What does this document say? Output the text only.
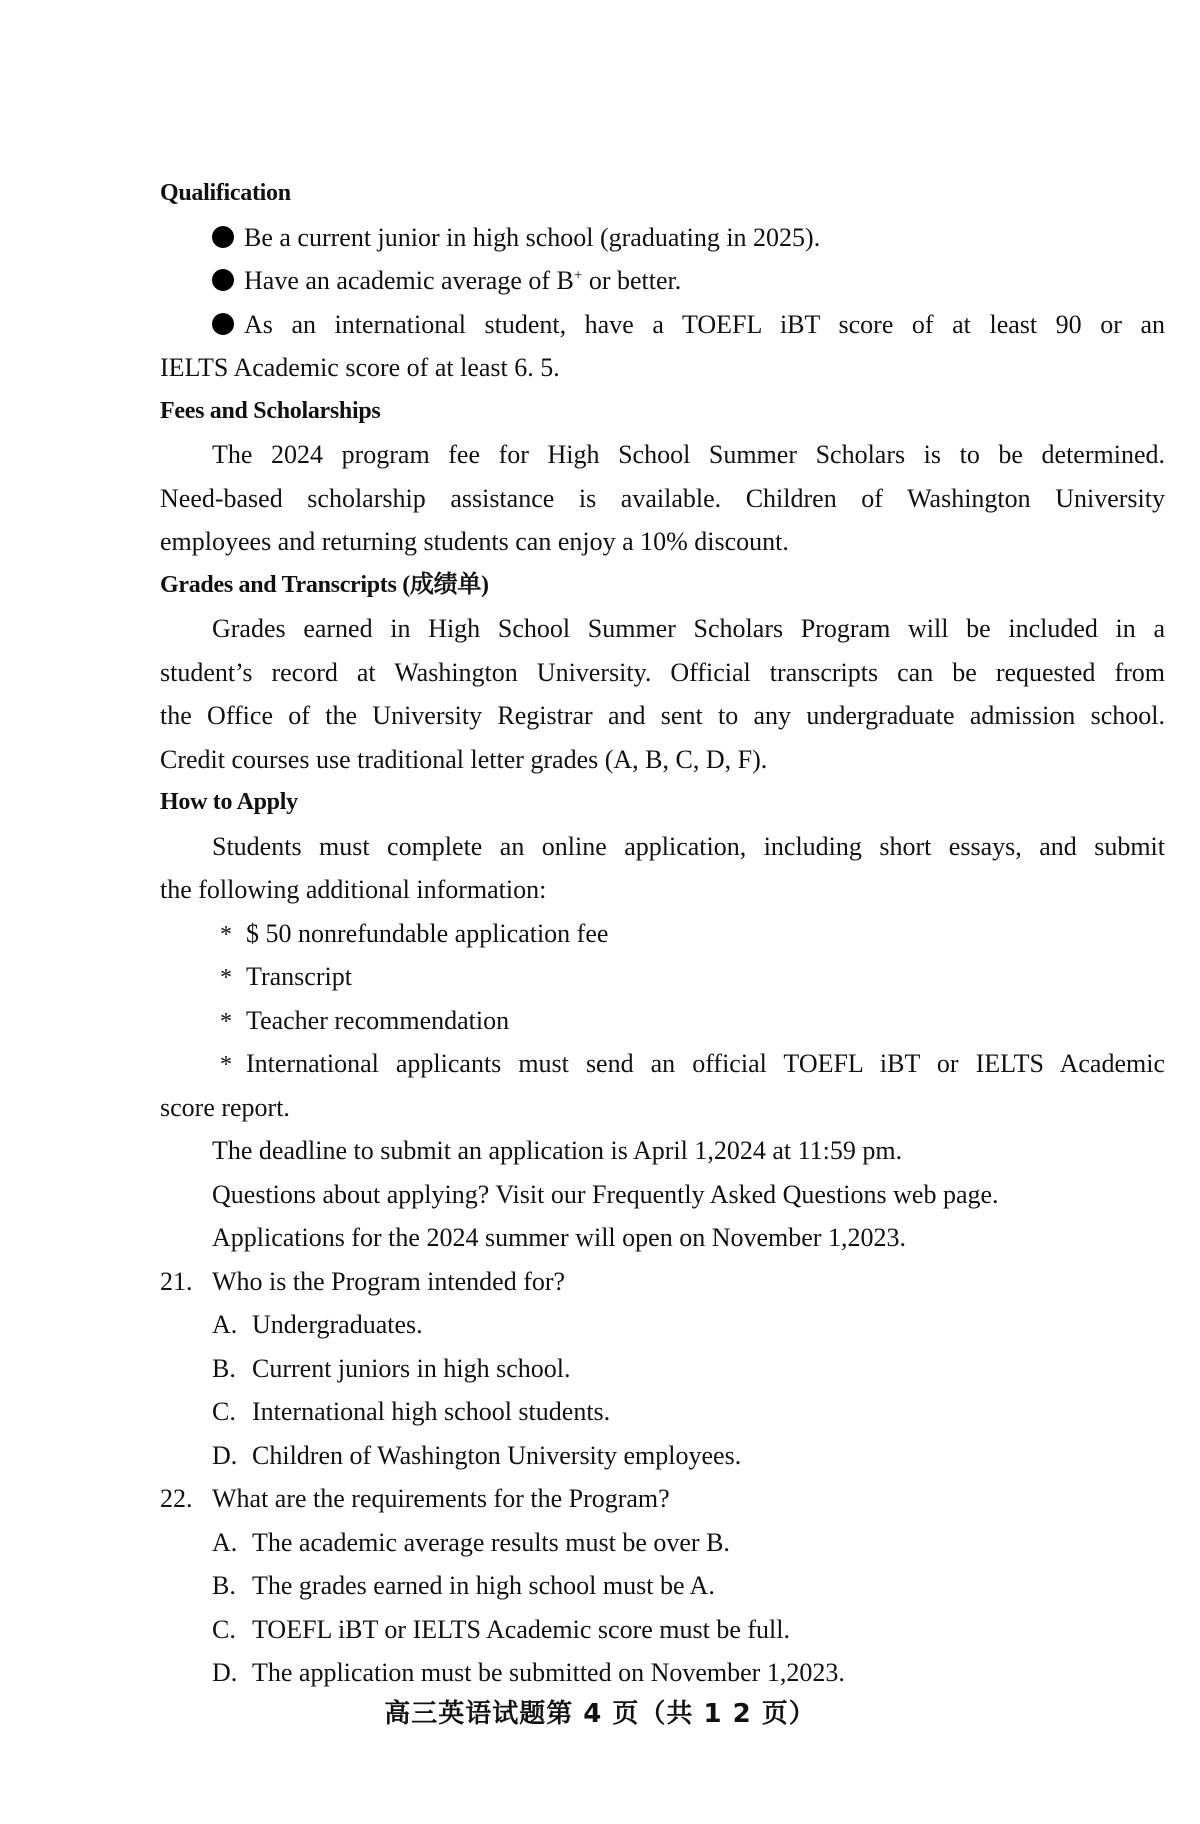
Qualification
Be a current junior in high school (graduating in 2025).
Have an academic average of B+ or better.
As an international student, have a TOEFL iBT score of at least 90 or an
IELTS Academic score of at least 6. 5.
Fees and Scholarships
The 2024 program fee for High School Summer Scholars is to be determined.
Need-based scholarship assistance is available. Children of Washington University
employees and returning students can enjoy a 10% discount.
Grades and Transcripts (成绩单)
Grades earned in High School Summer Scholars Program will be included in a
student’s record at Washington University. Official transcripts can be requested from
the Office of the University Registrar and sent to any undergraduate admission school.
Credit courses use traditional letter grades (A, B, C, D, F).
How to Apply
Students must complete an online application, including short essays, and submit
the following additional information:
* $ 50 nonrefundable application fee
* Transcript
* Teacher recommendation
* International applicants must send an official TOEFL iBT or IELTS Academic
score report.
The deadline to submit an application is April 1,2024 at 11:59 pm.
Questions about applying? Visit our Frequently Asked Questions web page.
Applications for the 2024 summer will open on November 1,2023.
21. Who is the Program intended for?
A. Undergraduates.
B. Current juniors in high school.
C. International high school students.
D. Children of Washington University employees.
22. What are the requirements for the Program?
A. The academic average results must be over B.
B. The grades earned in high school must be A.
C. TOEFL iBT or IELTS Academic score must be full.
D. The application must be submitted on November 1,2023.
高三英语试题第 4 页（共 1 2 页）
